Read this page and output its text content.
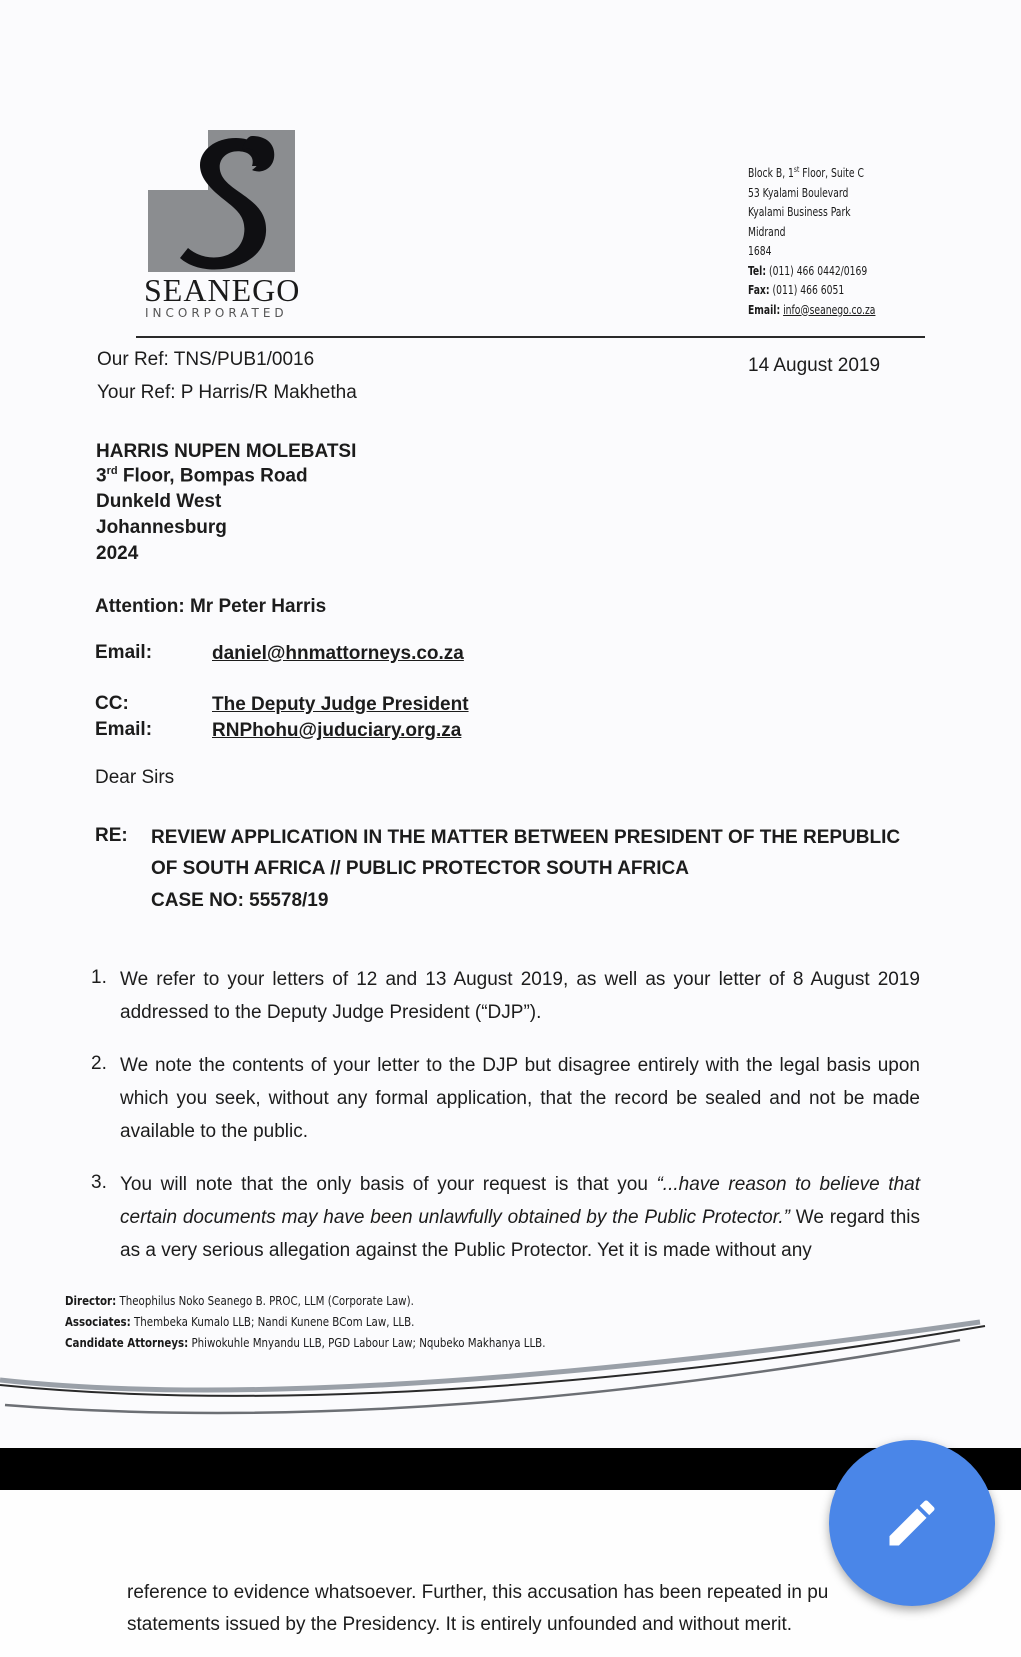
SEANEGO
INCORPORATED
Block B, 1st Floor, Suite C
53 Kyalami Boulevard
Kyalami Business Park
Midrand
1684
Tel: (011) 466 0442/0169
Fax: (011) 466 6051
Email: info@seanego.co.za
Our Ref: TNS/PUB1/0016
Your Ref: P Harris/R Makhetha
14 August 2019
HARRIS NUPEN MOLEBATSI
3rd Floor, Bompas Road
Dunkeld West
Johannesburg
2024
Attention: Mr Peter Harris
Email:	daniel@hnmattorneys.co.za
CC:	The Deputy Judge President
Email:	RNPhohu@juduciary.org.za
Dear Sirs
RE: REVIEW APPLICATION IN THE MATTER BETWEEN PRESIDENT OF THE REPUBLIC
OF SOUTH AFRICA // PUBLIC PROTECTOR SOUTH AFRICA
CASE NO: 55578/19
1. We refer to your letters of 12 and 13 August 2019, as well as your letter of 8 August 2019 addressed to the Deputy Judge President (“DJP”).
2. We note the contents of your letter to the DJP but disagree entirely with the legal basis upon which you seek, without any formal application, that the record be sealed and not be made available to the public.
3. You will note that the only basis of your request is that you “...have reason to believe that certain documents may have been unlawfully obtained by the Public Protector.” We regard this as a very serious allegation against the Public Protector. Yet it is made without any
Director: Theophilus Noko Seanego B. PROC, LLM (Corporate Law).
Associates: Thembeka Kumalo LLB; Nandi Kunene BCom Law, LLB.
Candidate Attorneys: Phiwokuhle Mnyandu LLB, PGD Labour Law; Nqubeko Makhanya LLB.
reference to evidence whatsoever. Further, this accusation has been repeated in pu
statements issued by the Presidency. It is entirely unfounded and without merit.
